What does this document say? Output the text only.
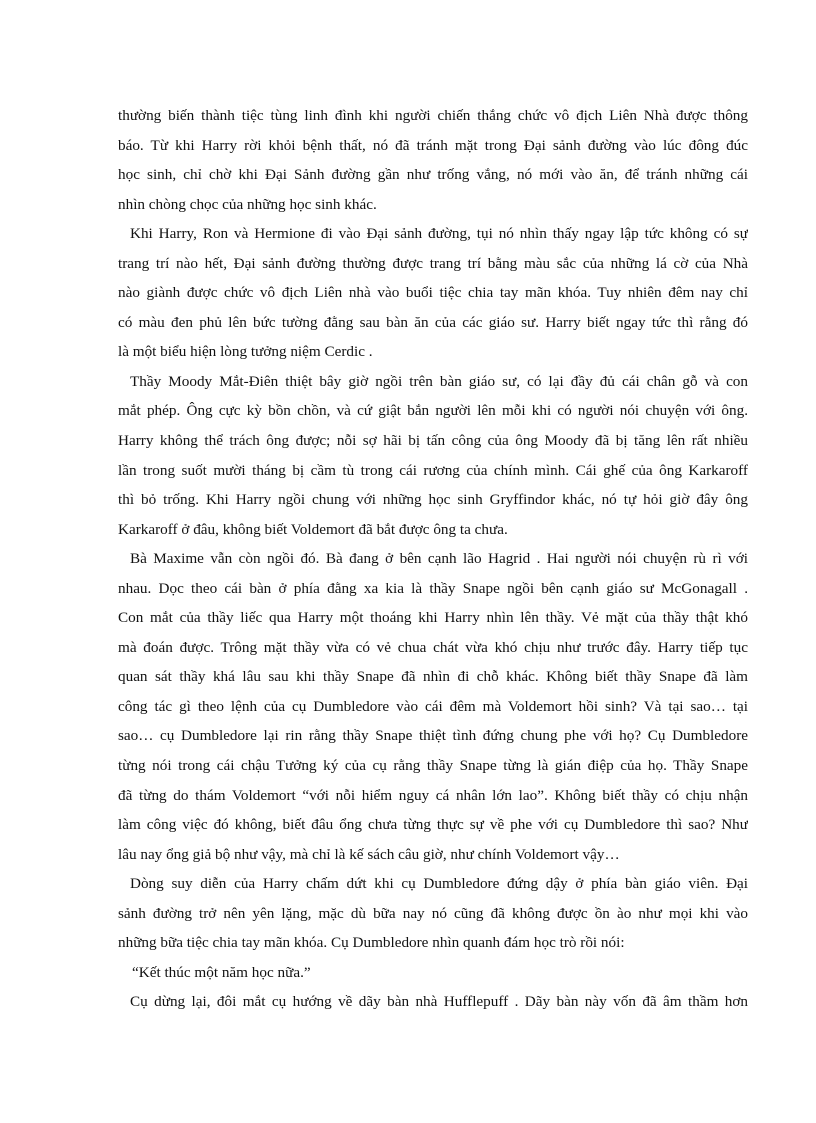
thường biến thành tiệc tùng linh đình khi người chiến thắng chức vô địch Liên Nhà được thông
báo. Từ khi Harry rời khỏi bệnh thất, nó đã tránh mặt trong Đại sảnh đường vào lúc đông đúc
học sinh, chỉ chờ khi Đại Sảnh đường gần như trống vắng, nó mới vào ăn, để tránh những cái
nhìn chòng chọc của những học sinh khác.
Khi Harry, Ron và Hermione đi vào Đại sảnh đường, tụi nó nhìn thấy ngay lập tức không có sự
trang trí nào hết, Đại sảnh đường thường được trang trí bằng màu sắc của những lá cờ của Nhà
nào giành được chức vô địch Liên nhà vào buổi tiệc chia tay mãn khóa. Tuy nhiên đêm nay chỉ
có màu đen phủ lên bức tường đằng sau bàn ăn của các giáo sư. Harry biết ngay tức thì rằng đó
là một biểu hiện lòng tưởng niệm Cerdic .
Thầy Moody Mắt-Điên thiệt bây giờ ngồi trên bàn giáo sư, có lại đầy đủ cái chân gỗ và con
mắt phép. Ông cực kỳ bồn chồn, và cứ giật bắn người lên mỗi khi có người nói chuyện với ông.
Harry không thể trách ông được; nỗi sợ hãi bị tấn công của ông Moody đã bị tăng lên rất nhiều
lần trong suốt mười tháng bị cầm tù trong cái rương của chính mình. Cái ghế của ông Karkaroff
thì bỏ trống. Khi Harry ngồi chung với những học sinh Gryffindor khác, nó tự hỏi giờ đây ông
Karkaroff ở đâu, không biết Voldemort đã bắt được ông ta chưa.
Bà Maxime vẫn còn ngồi đó. Bà đang ở bên cạnh lão Hagrid . Hai người nói chuyện rù rì với
nhau. Dọc theo cái bàn ở phía đằng xa kia là thầy Snape ngồi bên cạnh giáo sư McGonagall .
Con mắt của thầy liếc qua Harry một thoáng khi Harry nhìn lên thầy. Vẻ mặt của thầy thật khó
mà đoán được. Trông mặt thầy vừa có vẻ chua chát vừa khó chịu như trước đây. Harry tiếp tục
quan sát thầy khá lâu sau khi thầy Snape đã nhìn đi chỗ khác. Không biết thầy Snape đã làm
công tác gì theo lệnh của cụ Dumbledore vào cái đêm mà Voldemort hồi sinh? Và tại sao… tại
sao… cụ Dumbledore lại rin rằng thầy Snape thiệt tình đứng chung phe với họ? Cụ Dumbledore
từng nói trong cái chậu Tưởng ký của cụ rằng thầy Snape từng là gián điệp của họ. Thầy Snape
đã từng do thám Voldemort “với nỗi hiểm nguy cá nhân lớn lao”. Không biết thầy có chịu nhận
làm công việc đó không, biết đâu ổng chưa từng thực sự về phe với cụ Dumbledore thì sao? Như
lâu nay ổng giả bộ như vậy, mà chỉ là kế sách câu giờ, như chính Voldemort vậy…
Dòng suy diễn của Harry chấm dứt khi cụ Dumbledore đứng dậy ở phía bàn giáo viên. Đại
sảnh đường trở nên yên lặng, mặc dù bữa nay nó cũng đã không được ồn ào như mọi khi vào
những bữa tiệc chia tay mãn khóa. Cụ Dumbledore nhìn quanh đám học trò rồi nói:
“Kết thúc một năm học nữa.”
Cụ dừng lại, đôi mắt cụ hướng về dãy bàn nhà Hufflepuff . Dãy bàn này vốn đã âm thầm hơn
